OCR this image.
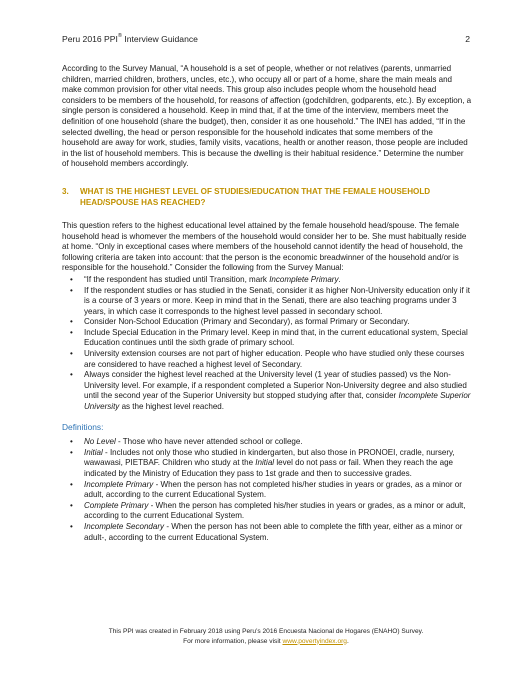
Peru 2016 PPI® Interview Guidance	2

According to the Survey Manual, “A household is a set of people, whether or not relatives (parents, unmarried children, married children, brothers, uncles, etc.), who occupy all or part of a home, share the main meals and make common provision for other vital needs. This group also includes people whom the household head considers to be members of the household, for reasons of affection (godchildren, godparents, etc.). By exception, a single person is considered a household. Keep in mind that, if at the time of the interview, members meet the definition of one household (share the budget), then, consider it as one household.” The INEI has added, “If in the selected dwelling, the head or person responsible for the household indicates that some members of the household are away for work, studies, family visits, vacations, health or another reason, those people are included in the list of household members. This is because the dwelling is their habitual residence.” Determine the number of household members accordingly.

3.	WHAT IS THE HIGHEST LEVEL OF STUDIES/EDUCATION THAT THE FEMALE HOUSEHOLD HEAD/SPOUSE HAS REACHED?

This question refers to the highest educational level attained by the female household head/spouse. The female household head is whomever the members of the household would consider her to be. She must habitually reside at home. “Only in exceptional cases where members of the household cannot identify the head of household, the following criteria are taken into account: that the person is the economic breadwinner of the household and/or is responsible for the household.” Consider the following from the Survey Manual:

• “If the respondent has studied until Transition, mark Incomplete Primary.
• If the respondent studies or has studied in the Senati, consider it as higher Non-University education only if it is a course of 3 years or more. Keep in mind that in the Senati, there are also teaching programs under 3 years, in which case it corresponds to the highest level passed in secondary school.
• Consider Non-School Education (Primary and Secondary), as formal Primary or Secondary.
• Include Special Education in the Primary level. Keep in mind that, in the current educational system, Special Education continues until the sixth grade of primary school.
• University extension courses are not part of higher education. People who have studied only these courses are considered to have reached a highest level of Secondary.
• Always consider the highest level reached at the University level (1 year of studies passed) vs the Non-University level. For example, if a respondent completed a Superior Non-University degree and also studied until the second year of the Superior University but stopped studying after that, consider Incomplete Superior University as the highest level reached.
Definitions:
• No Level - Those who have never attended school or college.
• Initial - Includes not only those who studied in kindergarten, but also those in PRONOEI, cradle, nursery, wawawasi, PIETBAF. Children who study at the Initial level do not pass or fail. When they reach the age indicated by the Ministry of Education they pass to 1st grade and then to successive grades.
• Incomplete Primary - When the person has not completed his/her studies in years or grades, as a minor or adult, according to the current Educational System.
• Complete Primary - When the person has completed his/her studies in years or grades, as a minor or adult, according to the current Educational System.
• Incomplete Secondary - When the person has not been able to complete the fifth year, either as a minor or adult-, according to the current Educational System.
This PPI was created in February 2018 using Peru’s 2016 Encuesta Nacional de Hogares (ENAHO) Survey.
For more information, please visit www.povertyindex.org.
